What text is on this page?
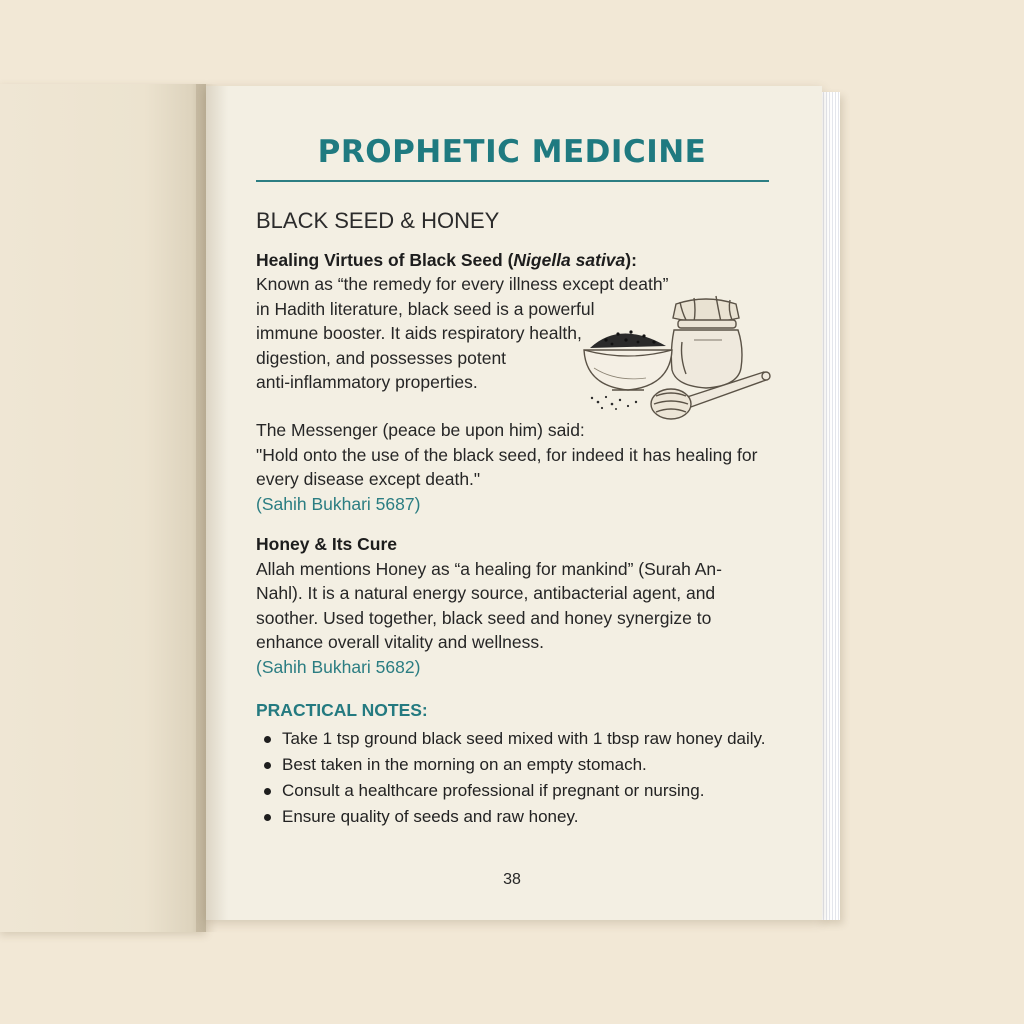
PROPHETIC MEDICINE
BLACK SEED & HONEY
Healing Virtues of Black Seed (Nigella sativa):
Known as “the remedy for every illness except death”
in Hadith literature, black seed is a powerful
immune booster. It aids respiratory health,
digestion, and possesses potent
anti-inflammatory properties.
The Messenger (peace be upon him) said:
"Hold onto the use of the black seed, for indeed it has healing for
every disease except death."
(Sahih Bukhari 5687)
Honey & Its Cure
Allah mentions Honey as “a healing for mankind” (Surah An-
Nahl). It is a natural energy source, antibacterial agent, and
soother. Used together, black seed and honey synergize to
enhance overall vitality and wellness.
(Sahih Bukhari 5682)
PRACTICAL NOTES:
Take 1 tsp ground black seed mixed with 1 tbsp raw honey daily.
Best taken in the morning on an empty stomach.
Consult a healthcare professional if pregnant or nursing.
Ensure quality of seeds and raw honey.
38
